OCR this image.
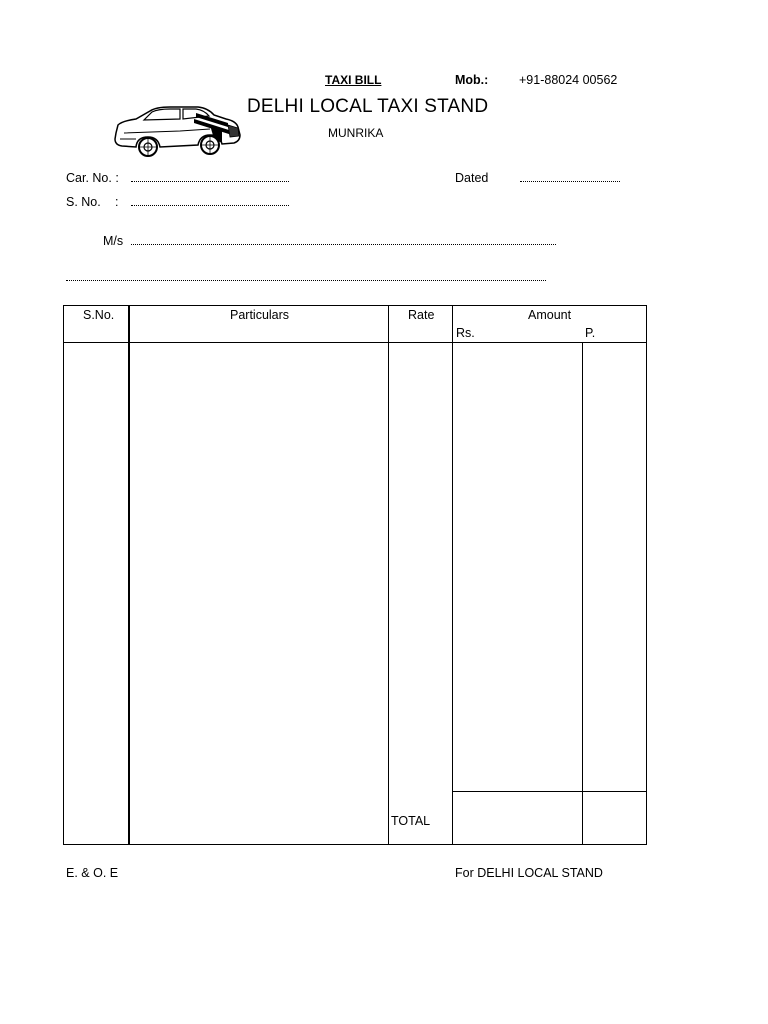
TAXI BILL	Mob.: +91-88024 00562
DELHI LOCAL TAXI STAND
MUNRIKA
Car. No. :
S. No. :
Dated
M/s
S.No.	Particulars	Rate	Amount
Rs.	P.
TOTAL
E. & O. E	For DELHI LOCAL STAND
